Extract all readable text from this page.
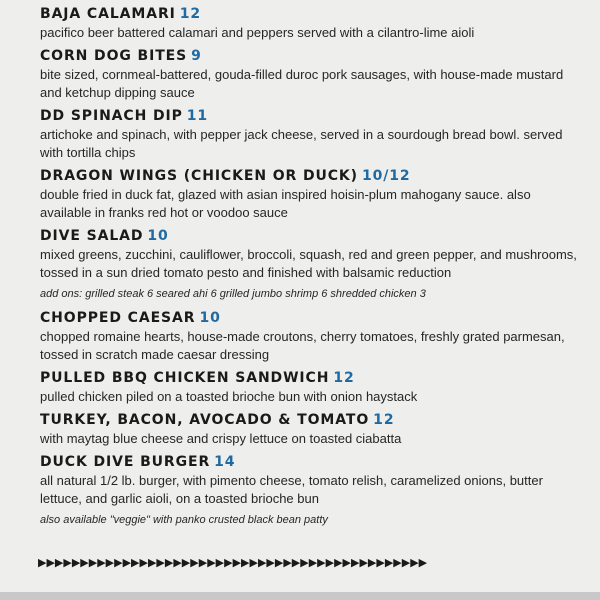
BAJA CALAMARI 12
pacifico beer battered calamari and peppers served with a cilantro-lime aioli
CORN DOG BITES 9
bite sized, cornmeal-battered, gouda-filled duroc pork sausages, with house-made mustard and ketchup dipping sauce
DD SPINACH DIP 11
artichoke and spinach, with pepper jack cheese, served in a sourdough bread bowl. served with tortilla chips
DRAGON WINGS (CHICKEN OR DUCK) 10/12
double fried in duck fat, glazed with asian inspired hoisin-plum mahogany sauce. also available in franks red hot or voodoo sauce
DIVE SALAD 10
mixed greens, zucchini, cauliflower, broccoli, squash, red and green pepper, and mushrooms, tossed in a sun dried tomato pesto and finished with balsamic reduction
add ons: grilled steak 6 seared ahi 6 grilled jumbo shrimp 6 shredded chicken 3
CHOPPED CAESAR 10
chopped romaine hearts, house-made croutons, cherry tomatoes, freshly grated parmesan, tossed in scratch made caesar dressing
PULLED BBQ CHICKEN SANDWICH 12
pulled chicken piled on a toasted brioche bun with onion haystack
TURKEY, BACON, AVOCADO & TOMATO 12
with maytag blue cheese and crispy lettuce on toasted ciabatta
DUCK DIVE BURGER 14
all natural 1/2 lb. burger, with pimento cheese, tomato relish, caramelized onions, butter lettuce, and garlic aioli, on a toasted brioche bun
also available "veggie" with panko crusted black bean patty
▶▶▶▶▶▶▶▶▶▶▶▶▶▶▶▶▶▶▶▶▶▶▶▶▶▶▶▶▶▶▶▶▶▶▶▶▶▶▶▶▶▶▶▶▶▶
